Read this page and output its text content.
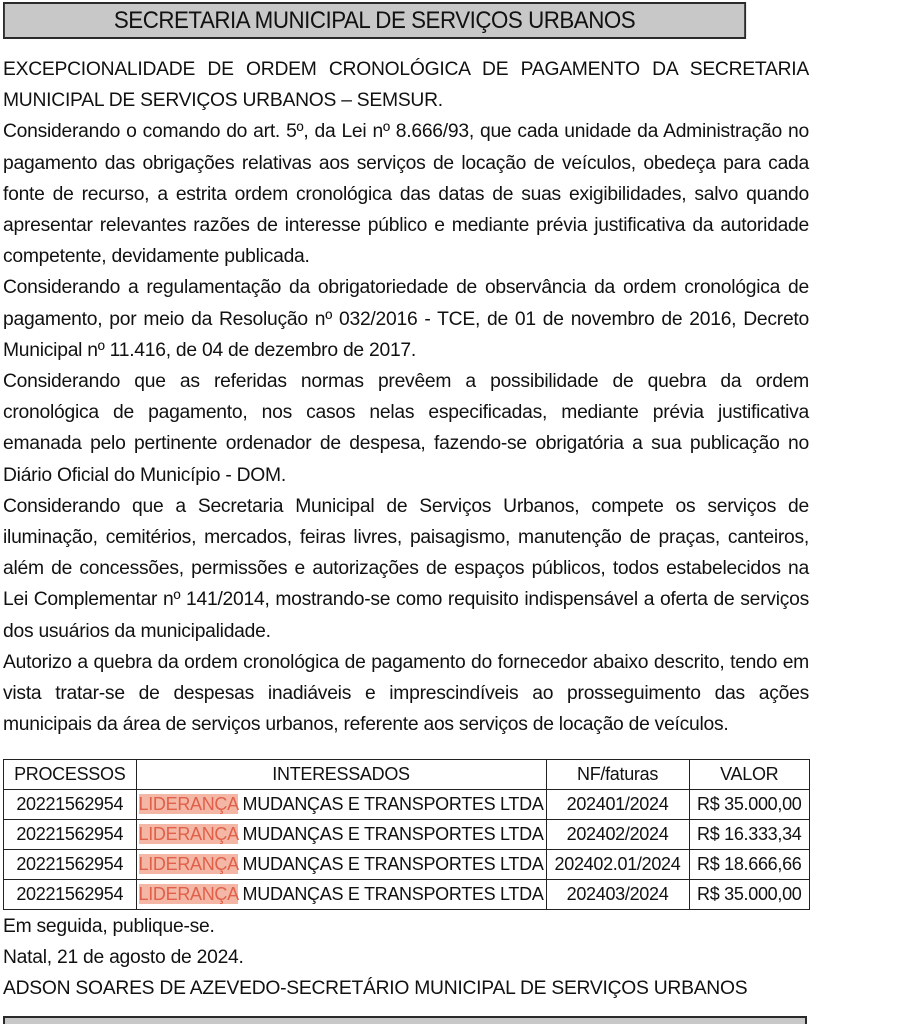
SECRETARIA MUNICIPAL DE SERVIÇOS URBANOS

EXCEPCIONALIDADE DE ORDEM CRONOLÓGICA DE PAGAMENTO DA SECRETARIA MUNICIPAL DE SERVIÇOS URBANOS – SEMSUR.

Considerando o comando do art. 5º, da Lei nº 8.666/93, que cada unidade da Administração no pagamento das obrigações relativas aos serviços de locação de veículos, obedeça para cada fonte de recurso, a estrita ordem cronológica das datas de suas exigibilidades, salvo quando apresentar relevantes razões de interesse público e mediante prévia justificativa da autoridade competente, devidamente publicada.

Considerando a regulamentação da obrigatoriedade de observância da ordem cronológica de pagamento, por meio da Resolução nº 032/2016 - TCE, de 01 de novembro de 2016, Decreto Municipal nº 11.416, de 04 de dezembro de 2017.

Considerando que as referidas normas prevêem a possibilidade de quebra da ordem cronológica de pagamento, nos casos nelas especificadas, mediante prévia justificativa emanada pelo pertinente ordenador de despesa, fazendo-se obrigatória a sua publicação no Diário Oficial do Município - DOM.

Considerando que a Secretaria Municipal de Serviços Urbanos, compete os serviços de iluminação, cemitérios, mercados, feiras livres, paisagismo, manutenção de praças, canteiros, além de concessões, permissões e autorizações de espaços públicos, todos estabelecidos na Lei Complementar nº 141/2014, mostrando-se como requisito indispensável a oferta de serviços dos usuários da municipalidade.

Autorizo a quebra da ordem cronológica de pagamento do fornecedor abaixo descrito, tendo em vista tratar-se de despesas inadiáveis e imprescindíveis ao prosseguimento das ações municipais da área de serviços urbanos, referente aos serviços de locação de veículos.

PROCESSOS	INTERESSADOS	NF/faturas	VALOR
20221562954	LIDERANÇA MUDANÇAS E TRANSPORTES LTDA	202401/2024	R$ 35.000,00
20221562954	LIDERANÇA MUDANÇAS E TRANSPORTES LTDA	202402/2024	R$ 16.333,34
20221562954	LIDERANÇA MUDANÇAS E TRANSPORTES LTDA	202402.01/2024	R$ 18.666,66
20221562954	LIDERANÇA MUDANÇAS E TRANSPORTES LTDA	202403/2024	R$ 35.000,00

Em seguida, publique-se.

Natal, 21 de agosto de 2024.

ADSON SOARES DE AZEVEDO-SECRETÁRIO MUNICIPAL DE SERVIÇOS URBANOS
